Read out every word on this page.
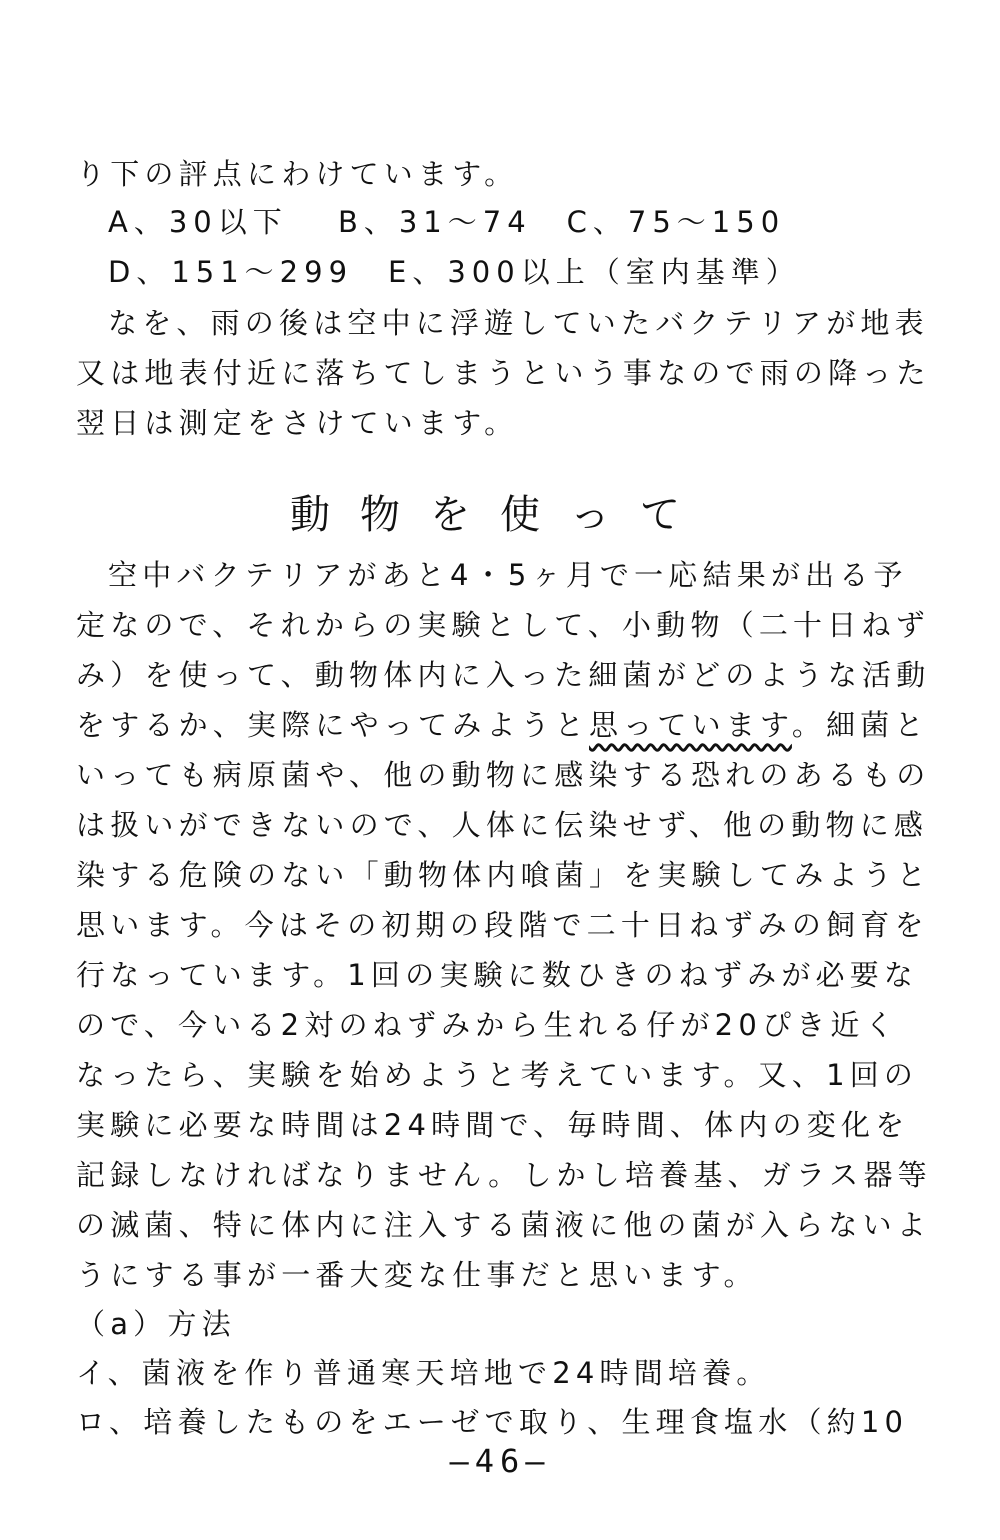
り下の評点にわけています。
A、30以下　 B、31〜74　C、75〜150
D、151〜299　E、300以上（室内基準）
なを、雨の後は空中に浮遊していたバクテリアが地表
又は地表付近に落ちてしまうという事なので雨の降った
翌日は測定をさけています。
動物を使って
空中バクテリアがあと4・5ヶ月で一応結果が出る予
定なので、それからの実験として、小動物（二十日ねず
み）を使って、動物体内に入った細菌がどのような活動
をするか、実際にやってみようと思っています。細菌と
いっても病原菌や、他の動物に感染する恐れのあるもの
は扱いができないので、人体に伝染せず、他の動物に感
染する危険のない「動物体内喰菌」を実験してみようと
思います。今はその初期の段階で二十日ねずみの飼育を
行なっています。1回の実験に数ひきのねずみが必要な
ので、今いる2対のねずみから生れる仔が20ぴき近く
なったら、実験を始めようと考えています。又、1回の
実験に必要な時間は24時間で、毎時間、体内の変化を
記録しなければなりません。しかし培養基、ガラス器等
の滅菌、特に体内に注入する菌液に他の菌が入らないよ
うにする事が一番大変な仕事だと思います。
（a）方法
イ、菌液を作り普通寒天培地で24時間培養。
ロ、培養したものをエーゼで取り、生理食塩水（約10
—46—
